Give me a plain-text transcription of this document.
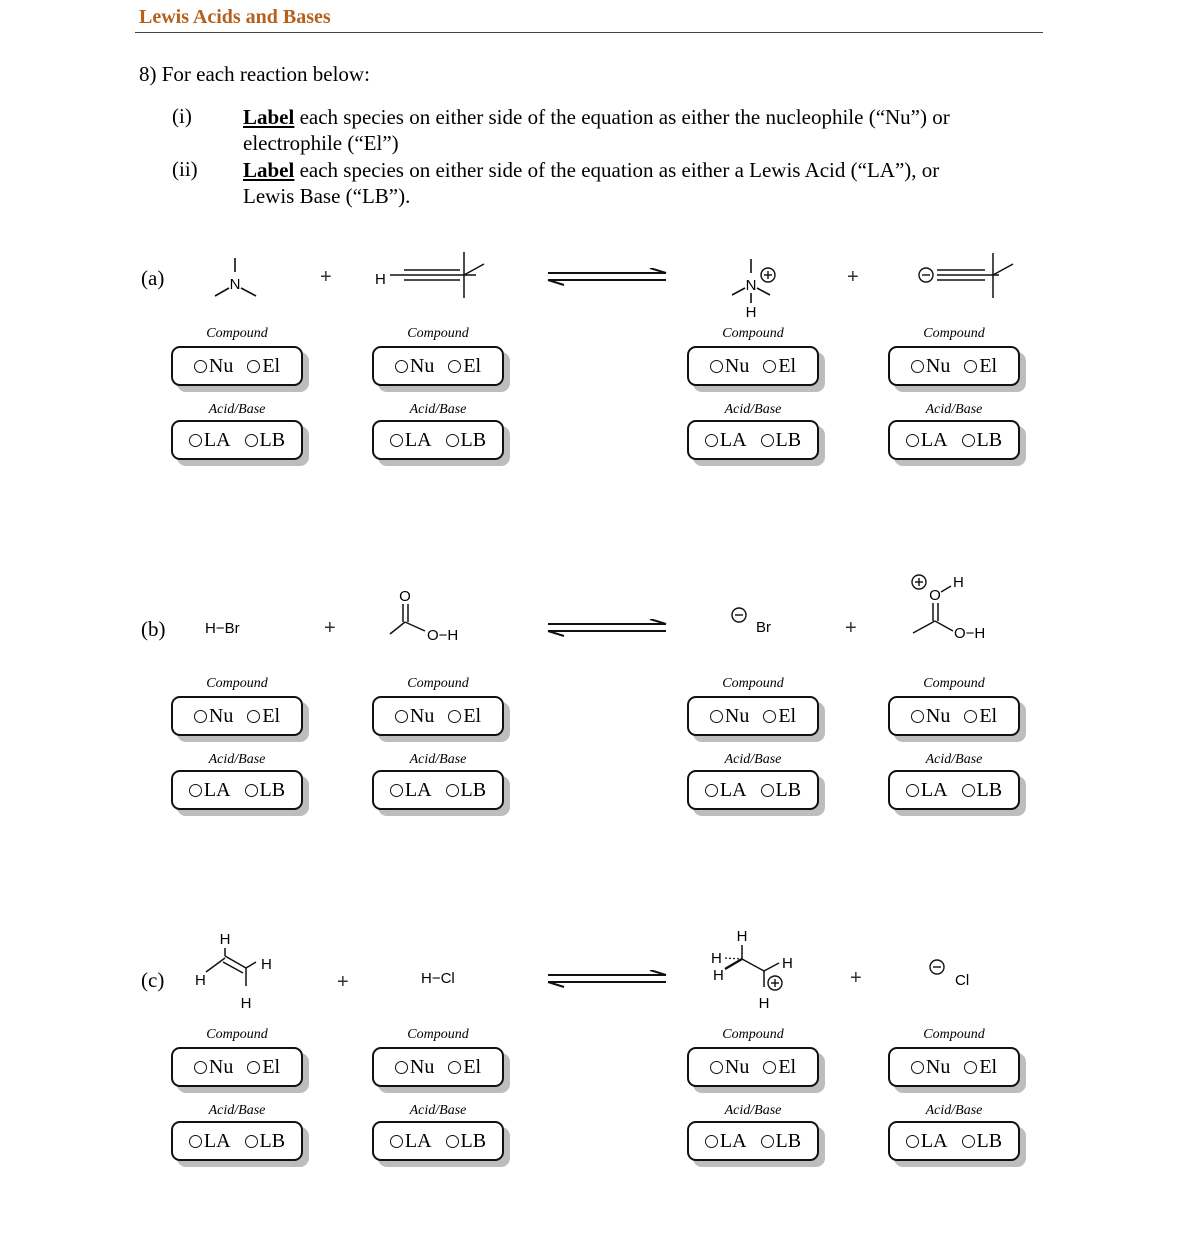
Lewis Acids and Bases
8) For each reaction below:
(i) Label each species on either side of the equation as either the nucleophile (“Nu”) or
electrophile (“El”)
(ii) Label each species on either side of the equation as either a Lewis Acid (“LA”), or
Lewis Base (“LB”).
(a)
(b)
(c)
+	+
+	+
+	+
N	H	N
H
H−Br
O
O−H	Br
O
H
O−H
H
H
H
H
H−Cl
H
H
H
H
H
Cl
Compound
Nu El
Acid/Base
LA LB
Compound
Nu El
Acid/Base
LA LB
Compound
Nu El
Acid/Base
LA LB
Compound
Nu El
Acid/Base
LA LB
Compound
Nu El
Acid/Base
LA LB
Compound
Nu El
Acid/Base
LA LB
Compound
Nu El
Acid/Base
LA LB
Compound
Nu El
Acid/Base
LA LB
Compound
Nu El
Acid/Base
LA LB
Compound
Nu El
Acid/Base
LA LB
Compound
Nu El
Acid/Base
LA LB
Compound
Nu El
Acid/Base
LA LB
